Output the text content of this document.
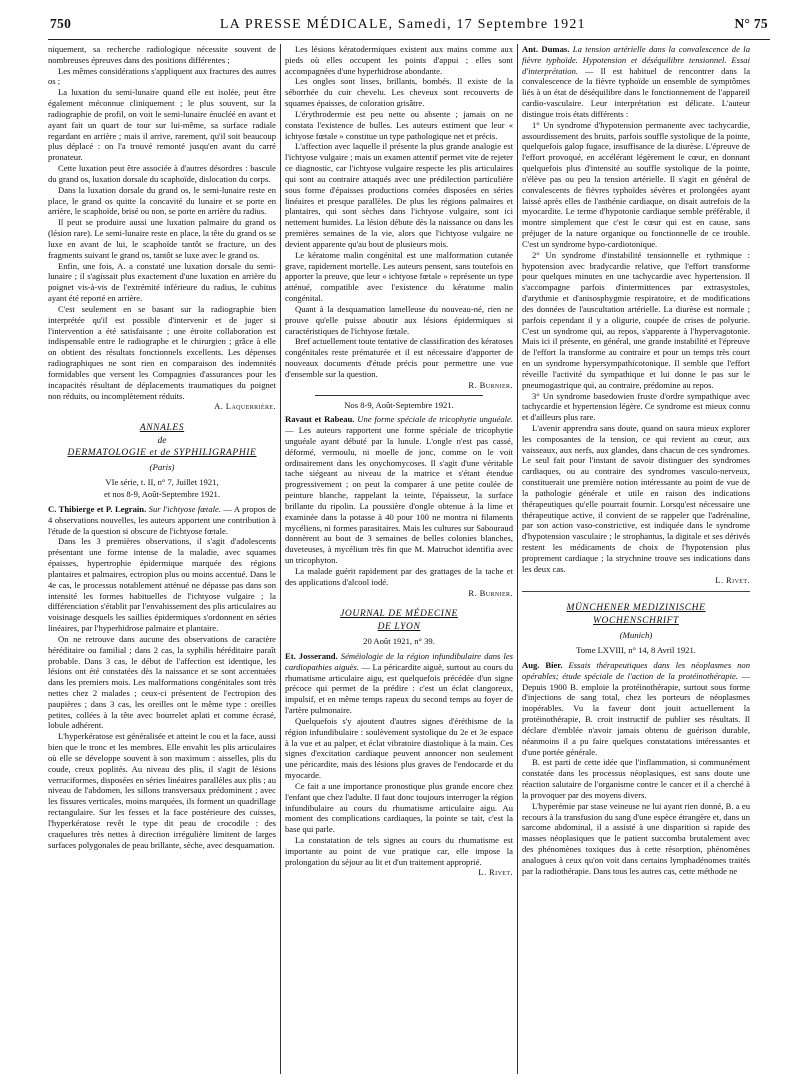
750	LA PRESSE MÉDICALE, Samedi, 17 Septembre 1921	N° 75

niquement, sa recherche radiologique nécessite souvent de nombreuses épreuves dans des positions différentes ;

Les mêmes considérations s'appliquent aux fractures des autres os ;

La luxation du semi-lunaire quand elle est isolée, peut être également méconnue cliniquement ; le plus souvent, sur la radiographie de profil, on voit le semi-lunaire énucléé en avant et ayant fait un quart de tour sur lui-même, sa surface radiale regardant en arrière ; mais il arrive, rarement, qu'il soit beaucoup plus déplacé : on l'a trouvé remonté jusqu'en avant du carré pronateur.

Cette luxation peut être associée à d'autres désordres : bascule du grand os, luxation dorsale du scaphoïde, dislocation du corps.

Dans la luxation dorsale du grand os, le semi-lunaire reste en place, le grand os quitte la concavité du lunaire et se porte en arrière, le scaphoïde, brisé ou non, se porte en arrière du radius.

Il peut se produire aussi une luxation palmaire du grand os (lésion rare). Le semi-lunaire reste en place, la tête du grand os se luxe en avant de lui, le scaphoïde tantôt se fracture, un des fragments suivant le grand os, tantôt se luxe avec le grand os.

Enfin, une fois, A. a constaté une luxation dorsale du semi-lunaire ; il s'agissait plus exactement d'une luxation en arrière du poignet vis-à-vis de l'extrémité inférieure du radius, le cubitus ayant été reporté en arrière.

C'est seulement en se basant sur la radiographie bien interprétée qu'il est possible d'intervenir et de juger si l'intervention a été satisfaisante ; une étroite collaboration est indispensable entre le radiographe et le chirurgien ; grâce à elle on obtient des résultats fonctionnels excellents. Les dépenses radiographiques ne sont rien en comparaison des indemnités formidables que versent les Compagnies d'assurances pour les incapacités résultant de déplacements traumatiques du poignet non réduits, ou incomplètement réduits.

A. Laquerrière.

ANNALES
de
DERMATOLOGIE et de SYPHILIGRAPHIE
(Paris)
VIe série, t. II, n° 7, Juillet 1921,
et nos 8-9, Août-Septembre 1921.

C. Thibierge et P. Legrain. Sur l'ichtyose fœtale. — A propos de 4 observations nouvelles, les auteurs apportent une contribution à l'étude de la question si obscure de l'ichtyose fœtale.

Dans les 3 premières observations, il s'agit d'adolescents présentant une forme intense de la maladie, avec squames épaisses, hypertrophie épidermique marquée des régions plantaires et palmaires, ectropion plus ou moins accentué. Dans le 4e cas, le processus notablement atténué ne dépasse pas dans son intensité les formes habituelles de l'ichtyose vulgaire ; la différenciation s'établit par l'envahissement des plis articulaires au voisinage desquels les saillies épidermiques s'ordonnent en séries linéaires, par l'hyperhidrose palmaire et plantaire.

On ne retrouve dans aucune des observations de caractère héréditaire ou familial ; dans 2 cas, la syphilis héréditaire paraît probable. Dans 3 cas, le début de l'affection est identique, les lésions ont été constatées dès la naissance et se sont accentuées dans les premiers mois. Les malformations congénitales sont très nettes chez 2 malades ; ceux-ci présentent de l'ectropion des paupières ; dans 3 cas, les oreilles ont le même type : oreilles petites, collées à la tête avec bourrelet aplati et comme écrasé, lobule adhérent.

L'hyperkératose est généralisée et atteint le cou et la face, aussi bien que le tronc et les membres. Elle envahit les plis articulaires où elle se développe souvent à son maximum : aisselles, plis du coude, creux poplités. Au niveau des plis, il s'agit de lésions verruciformes, disposées en séries linéaires parallèles aux plis ; au niveau de l'abdomen, les sillons transversaux prédominent ; avec les fissures verticales, moins marquées, ils forment un quadrillage rectangulaire. Sur les fesses et la face postérieure des cuisses, l'hyperkératose revêt le type dit peau de crocodile : des craquelures très nettes à direction irrégulière limitent de larges surfaces polygonales de peau brillante, sèche, avec desquamation.

Les lésions kératodermiques existent aux mains comme aux pieds où elles occupent les points d'appui ; elles sont accompagnées d'une hyperhidrose abondante.

Les ongles sont lisses, brillants, bombés. Il existe de la séborrhée du cuir chevelu. Les cheveux sont recouverts de squames épaisses, de coloration grisâtre.

L'érythrodermie est peu nette ou absente ; jamais on ne constata l'existence de bulles. Les auteurs estiment que leur « ichtyose fœtale » constitue un type pathologique net et précis.

L'affection avec laquelle il présente la plus grande analogie est l'ichtyose vulgaire ; mais un examen attentif permet vite de rejeter ce diagnostic, car l'ichtyose vulgaire respecte les plis articulaires qui sont au contraire attaqués avec une prédilection particulière sous forme d'épaisses productions cornées disposées en séries linéaires et presque parallèles. De plus les régions palmaires et plantaires, qui sont sèches dans l'ichtyose vulgaire, sont ici nettement humides. La lésion débute dès la naissance ou dans les premières semaines de la vie, alors que l'ichtyose vulgaire ne devient apparente qu'au bout de plusieurs mois.

Le kératome malin congénital est une malformation cutanée grave, rapidement mortelle. Les auteurs pensent, sans toutefois en apporter la preuve, que leur « ichtyose fœtale » représente un type atténué, compatible avec l'existence du kératome malin congénital.

Quant à la desquamation lamelleuse du nouveau-né, rien ne prouve qu'elle puisse aboutir aux lésions épidermiques si caractéristiques de l'ichtyose fœtale.

Bref actuellement toute tentative de classification des kératoses congénitales reste prématurée et il est nécessaire d'apporter de nouveaux documents d'étude précis pour permettre une vue d'ensemble sur la question.

R. Burnier.

Nos 8-9, Août-Septembre 1921.

Ravaut et Rabeau. Une forme spéciale de tricophytie unguéale. — Les auteurs rapportent une forme spéciale de tricophytie unguéale ayant débuté par la lunule. L'ongle n'est pas cassé, déformé, vermoulu, ni moelle de jonc, comme on le voit ordinairement dans les onychomycoses. Il s'agit d'une véritable tache siégeant au niveau de la matrice et s'étant étendue progressivement ; on peut la comparer à une petite coulée de peinture blanche, rappelant la teinte, l'épaisseur, la surface brillante du ripolin. La poussière d'ongle obtenue à la lime et examinée dans la potasse à 40 pour 100 ne montra ni filaments mycéliens, ni formes parasitaires. Mais les cultures sur Sabouraud donnèrent au bout de 3 semaines de belles colonies blanches, duveteuses, à mycélium très fin que M. Matruchot identifia avec un tricophyton.

La malade guérit rapidement par des grattages de la tache et des applications d'alcool iodé.

R. Burnier.

JOURNAL DE MÉDECINE
DE LYON
20 Août 1921, n° 39.

Et. Josserand. Séméiologie de la région infundibulaire dans les cardiopathies aiguës. — La péricardite aiguë, surtout au cours du rhumatisme articulaire aigu, est quelquefois précédée d'un signe précoce qui permet de la prédire : c'est un éclat clangoreux, impulsif, et en même temps rapeux du second temps au foyer de l'artère pulmonaire.

Quelquefois s'y ajoutent d'autres signes d'éréthisme de la région infundibulaire : soulèvement systolique du 2e et 3e espace à la vue et au palper, et éclat vibratoire diastolique à la main. Ces signes d'excitation cardiaque peuvent annoncer non seulement une péricardite, mais des lésions plus graves de l'endocarde et du myocarde.

Ce fait a une importance pronostique plus grande encore chez l'enfant que chez l'adulte. Il faut donc toujours interroger la région infundibulaire au cours du rhumatisme articulaire aigu. Au moment des complications cardiaques, la pointe se tait, c'est la base qui parle.

La constatation de tels signes au cours du rhumatisme est importante au point de vue pratique car, elle impose la prolongation du séjour au lit et d'un traitement approprié.

L. Rivet.

Ant. Dumas. La tension artérielle dans la convalescence de la fièvre typhoïde. Hypotension et déséquilibre tensionnel. Essai d'interprétation. — Il est habituel de rencontrer dans la convalescence de la fièvre typhoïde un ensemble de symptômes liés à un état de déséquilibre dans le fonctionnement de l'appareil cardio-vasculaire. Leur interprétation est délicate. L'auteur distingue trois états différents :

1° Un syndrome d'hypotension permanente avec tachycardie, assourdissement des bruits, parfois souffle systolique de la pointe, quelquefois galop fugace, insuffisance de la diurèse. L'épreuve de l'effort provoqué, en accélérant légèrement le cœur, en donnant quelquefois plus d'intensité au souffle systolique de la pointe, n'élève pas ou peu la tension artérielle. Il s'agit en général de convalescents de fièvres typhoïdes sévères et prolongées ayant laissé après elles de l'asthénie cardiaque, on disait autrefois de la myocardite. Le terme d'hypotonie cardiaque semble préférable, il montre simplement que c'est le cœur qui est en cause, sans préjuger de la nature organique ou fonctionnelle de ce trouble. C'est un syndrome hypo-cardiotonique.

2° Un syndrome d'instabilité tensionnelle et rythmique : hypotension avec bradycardie relative, que l'effort transforme pour quelques minutes en une tachycardie avec hypertension. Il s'accompagne parfois d'intermittences par extrasystoles, d'arythmie et d'anisosphygmie respiratoire, et de modifications des données de l'auscultation artérielle. La diurèse est normale ; parfois cependant il y a oligurie, coupée de crises de polyurie. C'est un syndrome qui, au repos, s'apparente à l'hypervagotonie. Mais ici il présente, en général, une grande instabilité et l'épreuve de l'effort la transforme au contraire et pour un temps très court en un syndrome hypersympathicotonique. Il semble que l'effort réveille l'activité du sympathique et lui donne le pas sur le pneumogastrique qui, au contraire, prédomine au repos.

3° Un syndrome basedowien fruste d'ordre sympathique avec tachycardie et hypertension légère. Ce syndrome est mieux connu et d'ailleurs plus rare.

L'avenir apprendra sans doute, quand on saura mieux explorer les composantes de la tension, ce qui revient au cœur, aux vaisseaux, aux nerfs, aux glandes, dans chacun de ces syndromes. Le seul fait pour l'instant de savoir distinguer des syndromes cardiaques, ou au contraire des syndromes vasculo-nerveux, constituerait une première notion intéressante au point de vue de la pathologie générale et utile en raison des indications thérapeutiques qu'elle pourrait fournir. Lorsqu'est nécessaire une thérapeutique active, il convient de se rappeler que l'adrénaline, par son action vaso-constrictive, est indiquée dans le syndrome d'hypotension vasculaire ; le strophantus, la digitale et ses dérivés restent les médicaments de choix de l'hypotension plus proprement cardiaque ; la strychnine trouve ses indications dans les deux cas.

L. Rivet.

MÜNCHENER MEDIZINISCHE
WOCHENSCHRIFT
(Munich)
Tome LXVIII, n° 14, 8 Avril 1921.

Aug. Bier. Essais thérapeutiques dans les néoplasmes non opérables; étude spéciale de l'action de la protéinothérapie. — Depuis 1900 B. emploie la protéinothérapie, surtout sous forme d'injections de sang total, chez les porteurs de néoplasmes inopérables. Vu la faveur dont jouit actuellement la protéinothérapie, B. croit instructif de publier ses résultats. Il déclare d'emblée n'avoir jamais obtenu de guérison durable, néanmoins il a pu faire quelques constatations intéressantes et d'une portée générale.

B. est parti de cette idée que l'inflammation, si communément constatée dans les processus néoplasiques, est sans doute une réaction salutaire de l'organisme contre le cancer et il a cherché à la provoquer par des moyens divers.

L'hyperémie par stase veineuse ne lui ayant rien donné, B. a eu recours à la transfusion du sang d'une espèce étrangère et, dans un sarcome abdominal, il a assisté à une disparition si rapide des masses néoplasiques que le patient succomba brutalement avec des phénomènes toxiques dus à cette résorption, phénomènes analogues à ceux qu'on voit dans certains lymphadénomes traités par la radiothérapie. Dans tous les autres cas, cette méthode ne
